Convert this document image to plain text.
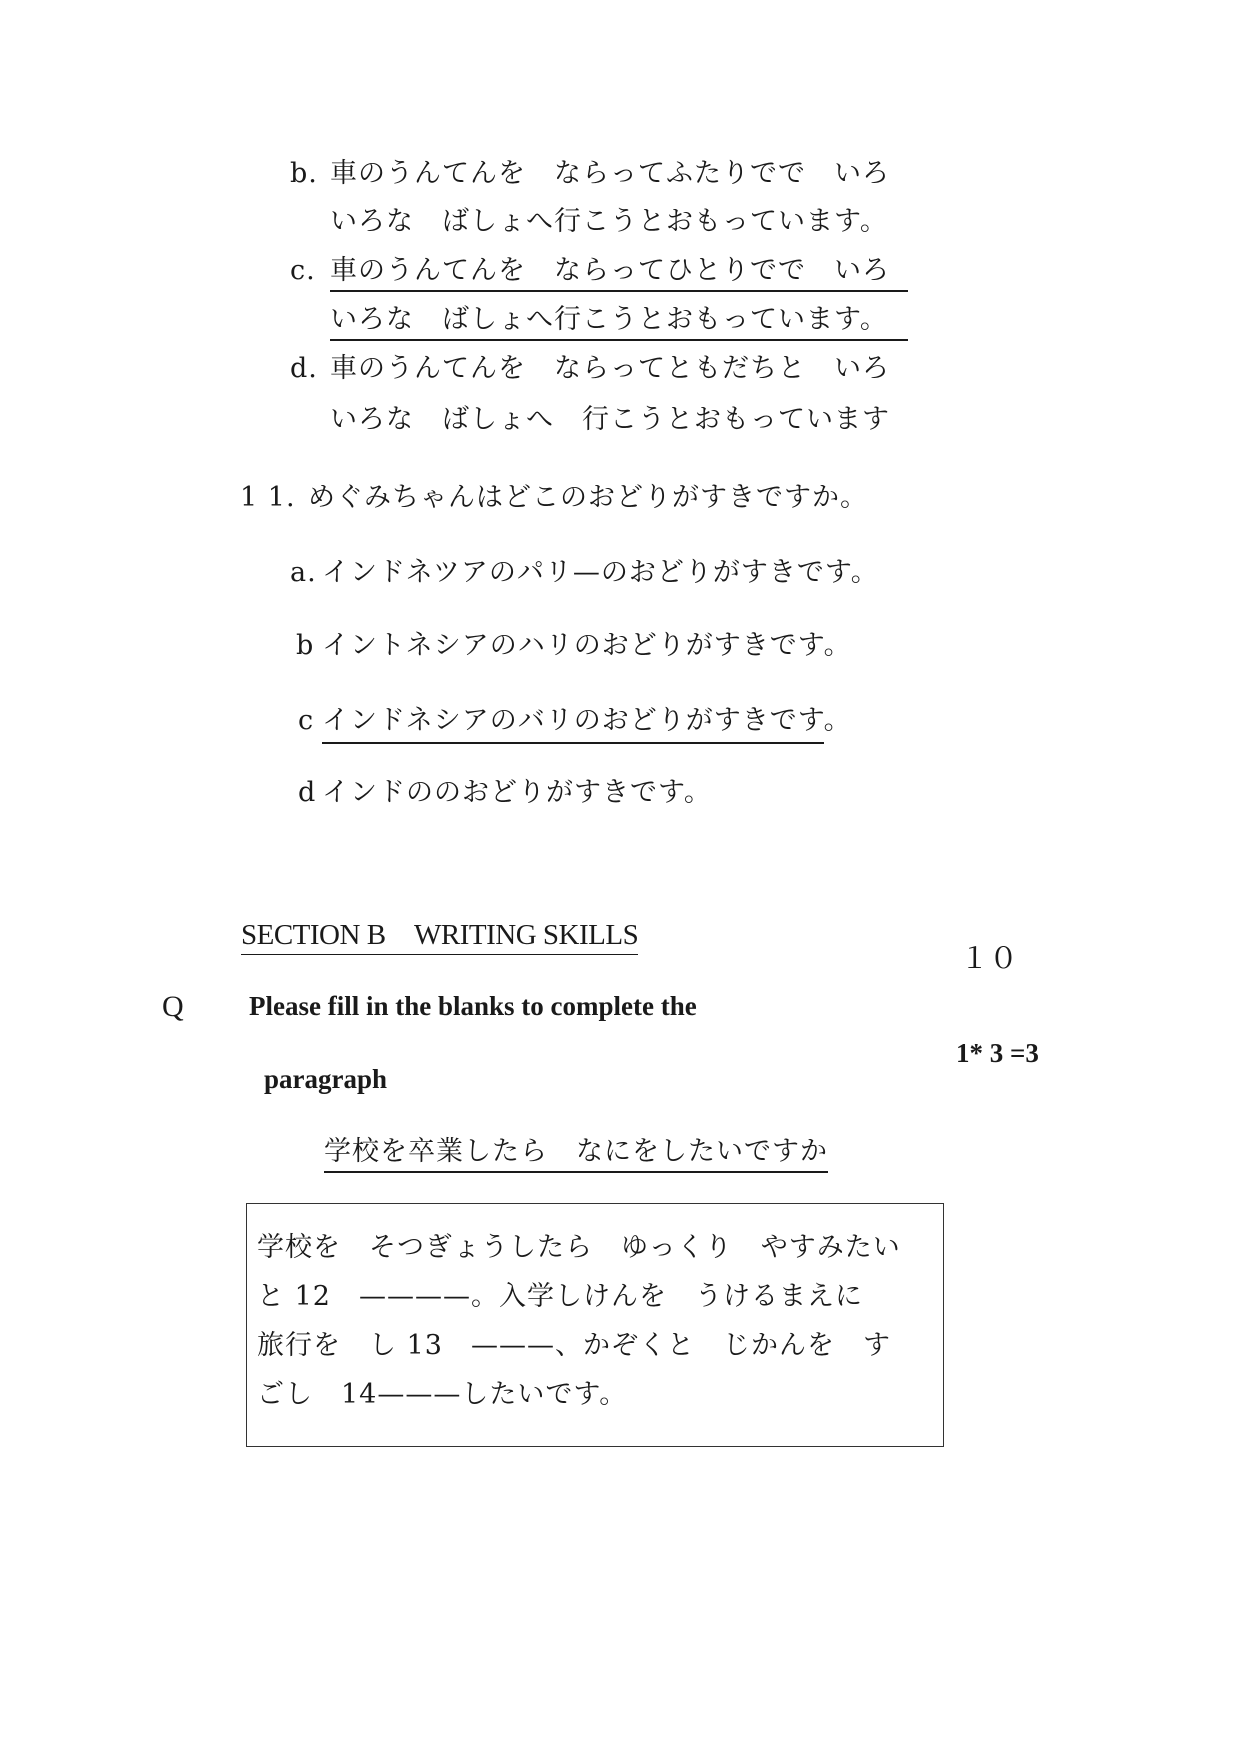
b. 車のうんてんを　ならってふたりでで　いろ
いろな　ばしょへ行こうとおもっています。
c. 車のうんてんを　ならってひとりでで　いろ
いろな　ばしょへ行こうとおもっています。
d. 車のうんてんを　ならってともだちと　いろ
いろな　ばしょへ　行こうとおもっています
1 1. めぐみちゃんはどこのおどりがすきですか。
a. インドネツアのパリ—のおどりがすきです。
b イントネシアのハリのおどりがすきです。
c インドネシアのバリのおどりがすきです。
d インドののおどりがすきです。
SECTION B　WRITING SKILLS
１０
Q Please fill in the blanks to complete the
paragraph
1* 3 =3
学校を卒業したら　なにをしたいですか
学校を　そつぎょうしたら　ゆっくり　やすみたい
と 12　————。入学しけんを　うけるまえに
旅行を　し 13　———、かぞくと　じかんを　す
ごし　14———したいです。
